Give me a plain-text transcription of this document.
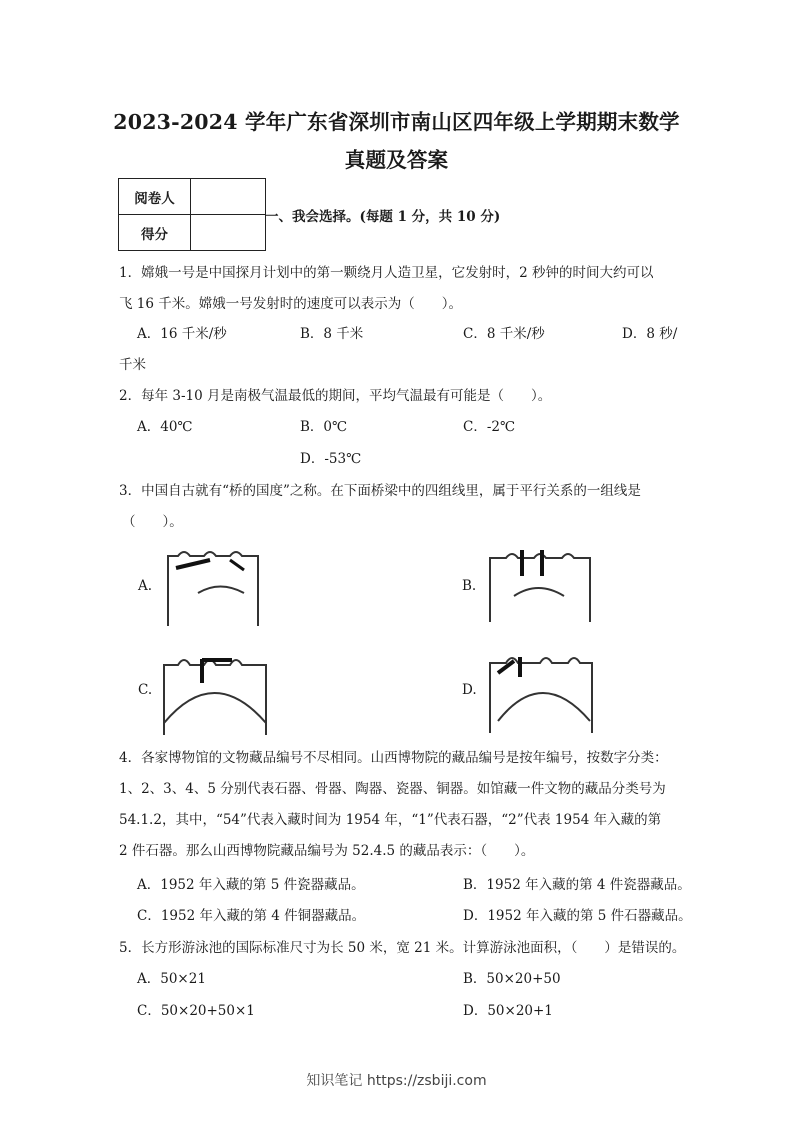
2023-2024 学年广东省深圳市南山区四年级上学期期末数学
真题及答案
阅卷人	
得分	
一、我会选择。(每题 1 分，共 10 分)
1．嫦娥一号是中国探月计划中的第一颗绕月人造卫星，它发射时，2 秒钟的时间大约可以
飞 16 千米。嫦娥一号发射时的速度可以表示为（　　）。
A．16 千米/秒	B．8 千米	C．8 千米/秒	D．8 秒/
千米
2．每年 3-10 月是南极气温最低的期间，平均气温最有可能是（　　）。
A．40℃	B．0℃	C．-2℃
D．-53℃
3．中国自古就有“桥的国度”之称。在下面桥梁中的四组线里，属于平行关系的一组线是
（　　）。
A.	B.
C.	D.
4．各家博物馆的文物藏品编号不尽相同。山西博物院的藏品编号是按年编号，按数字分类：
1、2、3、4、5 分别代表石器、骨器、陶器、瓷器、铜器。如馆藏一件文物的藏品分类号为
54.1.2，其中，“54”代表入藏时间为 1954 年，“1”代表石器，“2”代表 1954 年入藏的第
2 件石器。那么山西博物院藏品编号为 52.4.5 的藏品表示：（　　）。
A．1952 年入藏的第 5 件瓷器藏品。	B．1952 年入藏的第 4 件瓷器藏品。
C．1952 年入藏的第 4 件铜器藏品。	D．1952 年入藏的第 5 件石器藏品。
5．长方形游泳池的国际标准尺寸为长 50 米，宽 21 米。计算游泳池面积，（　　）是错误的。
A．50×21	B．50×20+50
C．50×20+50×1	D．50×20+1
知识笔记 https://zsbiji.com
